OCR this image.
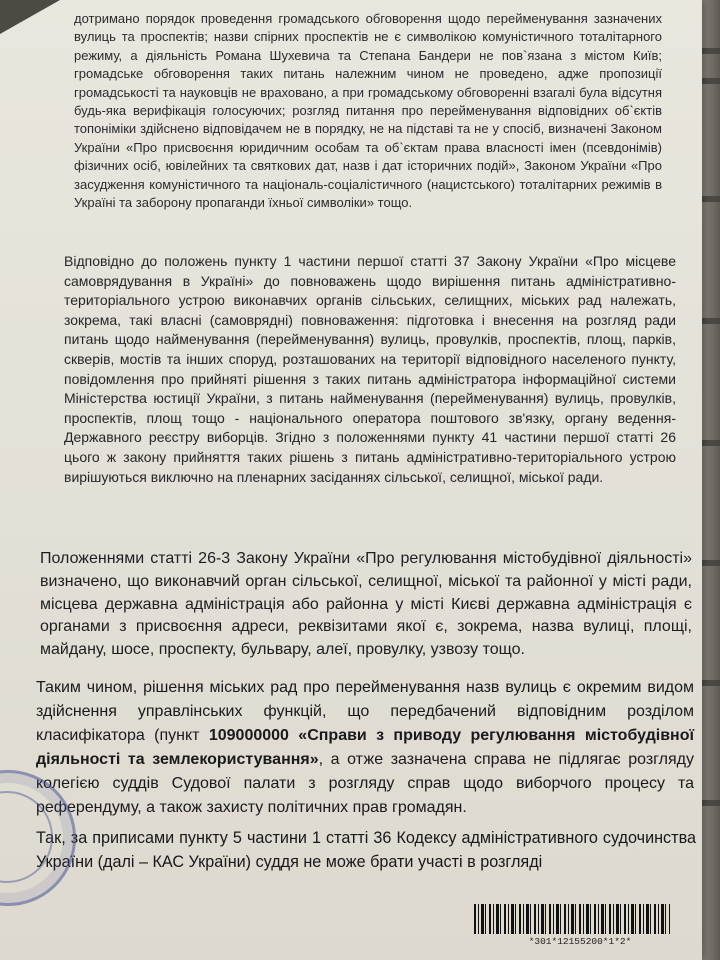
дотримано порядок проведення громадського обговорення щодо перейменування зазначених вулиць та проспектів; назви спірних проспектів не є символікою комуністичного тоталітарного режиму, а діяльність Романа Шухевича та Степана Бандери не пов`язана з містом Київ; громадське обговорення таких питань належним чином не проведено, адже пропозиції громадськості та науковців не враховано, а при громадському обговоренні взагалі була відсутня будь-яка верифікація голосуючих; розгляд питання про перейменування відповідних об`єктів топоніміки здійснено відповідачем не в порядку, не на підставі та не у спосіб, визначені Законом України «Про присвоєння юридичним особам та об`єктам права власності імен (псевдонімів) фізичних осіб, ювілейних та святкових дат, назв і дат історичних подій», Законом України «Про засудження комуністичного та національ-соціалістичного (нацистського) тоталітарних режимів в Україні та заборону пропаганди їхньої символіки» тощо.

Відповідно до положень пункту 1 частини першої статті 37 Закону України «Про місцеве самоврядування в Україні» до повноважень щодо вирішення питань адміністративно-територіального устрою виконавчих органів сільських, селищних, міських рад належать, зокрема, такі власні (самоврядні) повноваження: підготовка і внесення на розгляд ради питань щодо найменування (перейменування) вулиць, провулків, проспектів, площ, парків, скверів, мостів та інших споруд, розташованих на території відповідного населеного пункту, повідомлення про прийняті рішення з таких питань адміністратора інформаційної системи Міністерства юстиції України, з питань найменування (перейменування) вулиць, провулків, проспектів, площ тощо - національного оператора поштового зв'язку, органу ведення- Державного реєстру виборців. Згідно з положеннями пункту 41 частини першої статті 26 цього ж закону прийняття таких рішень з питань адміністративно-територіального устрою вирішуються виключно на пленарних засіданнях сільської, селищної, міської ради.

Положеннями статті 26-3 Закону України «Про регулювання містобудівної діяльності» визначено, що виконавчий орган сільської, селищної, міської та районної у місті ради, місцева державна адміністрація або районна у місті Києві державна адміністрація є органами з присвоєння адреси, реквізитами якої є, зокрема, назва вулиці, площі, майдану, шосе, проспекту, бульвару, алеї, провулку, узвозу тощо.

Таким чином, рішення міських рад про перейменування назв вулиць є окремим видом здійснення управлінських функцій, що передбачений відповідним розділом класифікатора (пункт 109000000 «Справи з приводу регулювання містобудівної діяльності та землекористування», а отже зазначена справа не підлягає розгляду колегією суддів Судової палати з розгляду справ щодо виборчого процесу та референдуму, а також захисту політичних прав громадян.

Так, за приписами пункту 5 частини 1 статті 36 Кодексу адміністративного судочинства України (далі – КАС України) суддя не може брати участі в розгляді

*301*12155200*1*2*
